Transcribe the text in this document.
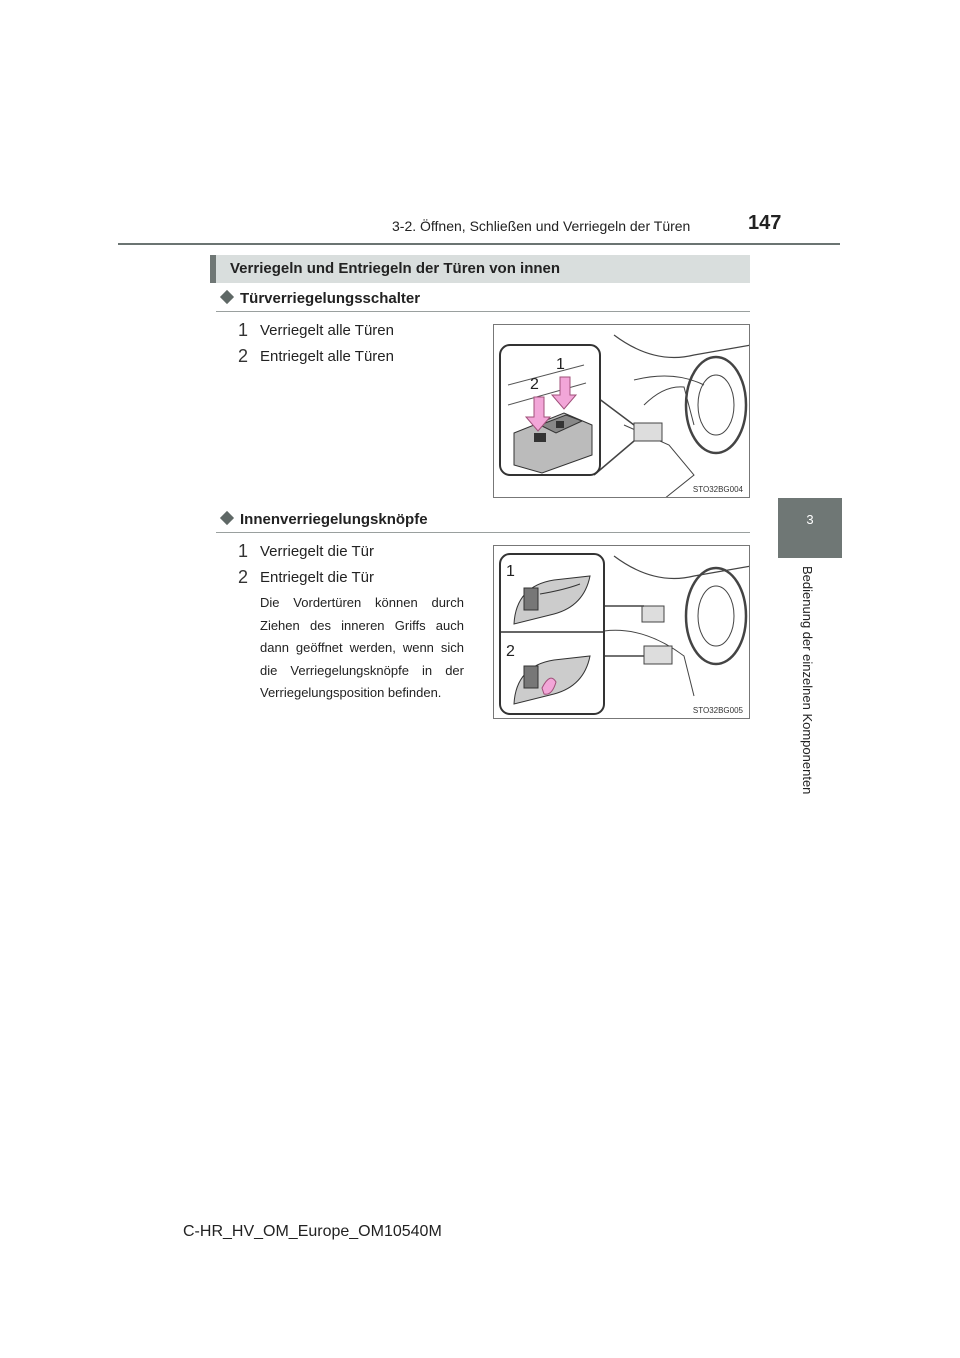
3-2. Öffnen, Schließen und Verriegeln der Türen	147
3
Bedienung der einzelnen Komponenten
Verriegeln und Entriegeln der Türen von innen
Türverriegelungsschalter
1 Verriegelt alle Türen
2 Entriegelt alle Türen	1
2
STO32BG004
Innenverriegelungsknöpfe
1 Verriegelt die Tür
2 Entriegelt die Tür
Die Vordertüren können durch Ziehen des inneren Griffs auch dann geöffnet werden, wenn sich die Verriegelungsknöpfe in der Verriegelungsposition befinden.
1
2
STO32BG005
C-HR_HV_OM_Europe_OM10540M
